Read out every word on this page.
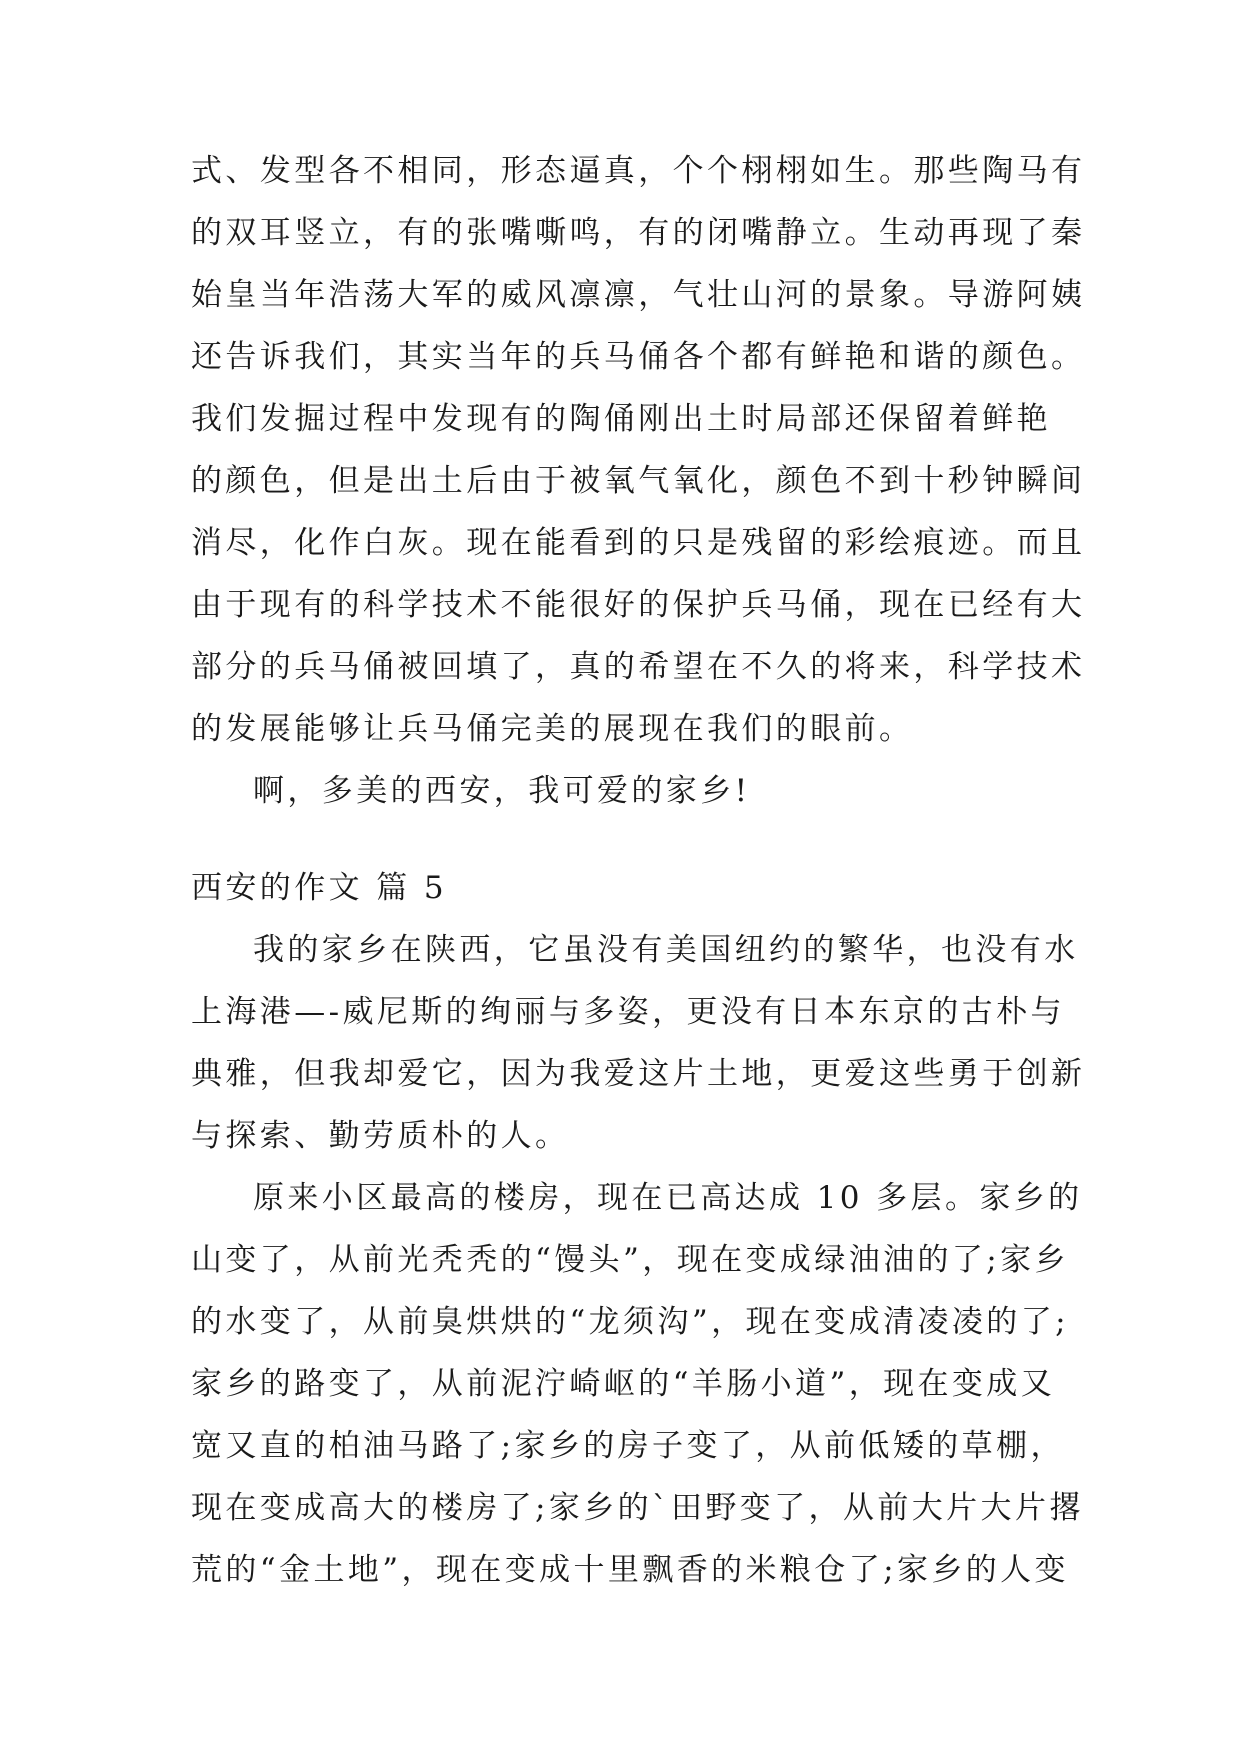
式、发型各不相同，形态逼真，个个栩栩如生。那些陶马有
的双耳竖立，有的张嘴嘶鸣，有的闭嘴静立。生动再现了秦
始皇当年浩荡大军的威风凛凛，气壮山河的景象。导游阿姨
还告诉我们，其实当年的兵马俑各个都有鲜艳和谐的颜色。
我们发掘过程中发现有的陶俑刚出土时局部还保留着鲜艳
的颜色，但是出土后由于被氧气氧化，颜色不到十秒钟瞬间
消尽，化作白灰。现在能看到的只是残留的彩绘痕迹。而且
由于现有的科学技术不能很好的保护兵马俑，现在已经有大
部分的兵马俑被回填了，真的希望在不久的将来，科学技术
的发展能够让兵马俑完美的展现在我们的眼前。
啊，多美的西安，我可爱的家乡!
西安的作文 篇 5
我的家乡在陕西，它虽没有美国纽约的繁华，也没有水
上海港—-威尼斯的绚丽与多姿，更没有日本东京的古朴与
典雅，但我却爱它，因为我爱这片土地，更爱这些勇于创新
与探索、勤劳质朴的人。
原来小区最高的楼房，现在已高达成 10 多层。家乡的
山变了，从前光秃秃的“馒头”，现在变成绿油油的了;家乡
的水变了，从前臭烘烘的“龙须沟”，现在变成清凌凌的了;
家乡的路变了，从前泥泞崎岖的“羊肠小道”，现在变成又
宽又直的柏油马路了;家乡的房子变了，从前低矮的草棚，
现在变成高大的楼房了;家乡的`田野变了，从前大片大片撂
荒的“金土地”，现在变成十里飘香的米粮仓了;家乡的人变
